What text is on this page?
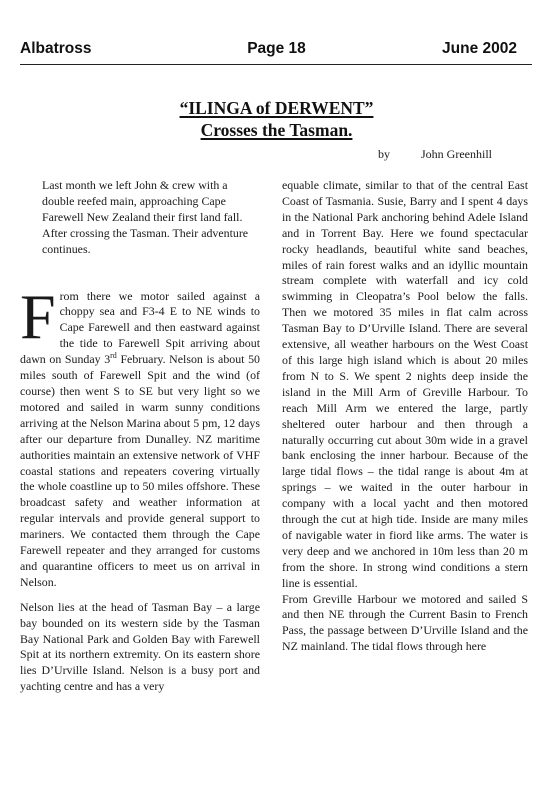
Albatross	Page 18	June 2002
“ILINGA of DERWENT”
Crosses the Tasman.
by	John Greenhill

Last month we left John & crew with a double reefed main, approaching Cape Farewell New Zealand their first land fall. After crossing the Tasman. Their adventure continues.

From there we motor sailed against a choppy sea and F3-4 E to NE winds to Cape Farewell and then eastward against the tide to Farewell Spit arriving about dawn on Sunday 3rd February. Nelson is about 50 miles south of Farewell Spit and the wind (of course) then went S to SE but very light so we motored and sailed in warm sunny conditions arriving at the Nelson Marina about 5 pm, 12 days after our departure from Dunalley. NZ maritime authorities maintain an extensive network of VHF coastal stations and repeaters covering virtually the whole coastline up to 50 miles offshore. These broadcast safety and weather information at regular intervals and provide general support to mariners. We contacted them through the Cape Farewell repeater and they arranged for customs and quarantine officers to meet us on arrival in Nelson.

Nelson lies at the head of Tasman Bay – a large bay bounded on its western side by the Tasman Bay National Park and Golden Bay with Farewell Spit at its northern extremity. On its eastern shore lies D’Urville Island. Nelson is a busy port and yachting centre and has a very

equable climate, similar to that of the central East Coast of Tasmania. Susie, Barry and I spent 4 days in the National Park anchoring behind Adele Island and in Torrent Bay. Here we found spectacular rocky headlands, beautiful white sand beaches, miles of rain forest walks and an idyllic mountain stream complete with waterfall and icy cold swimming in Cleopatra’s Pool below the falls. Then we motored 35 miles in flat calm across Tasman Bay to D’Urville Island. There are several extensive, all weather harbours on the West Coast of this large high island which is about 20 miles from N to S. We spent 2 nights deep inside the island in the Mill Arm of Greville Harbour. To reach Mill Arm we entered the large, partly sheltered outer harbour and then through a naturally occurring cut about 30m wide in a gravel bank enclosing the inner harbour. Because of the large tidal flows – the tidal range is about 4m at springs – we waited in the outer harbour in company with a local yacht and then motored through the cut at high tide. Inside are many miles of navigable water in fiord like arms. The water is very deep and we anchored in 10m less than 20 m from the shore. In strong wind conditions a stern line is essential.

From Greville Harbour we motored and sailed S and then NE through the Current Basin to French Pass, the passage between D’Urville Island and the NZ mainland. The tidal flows through here
